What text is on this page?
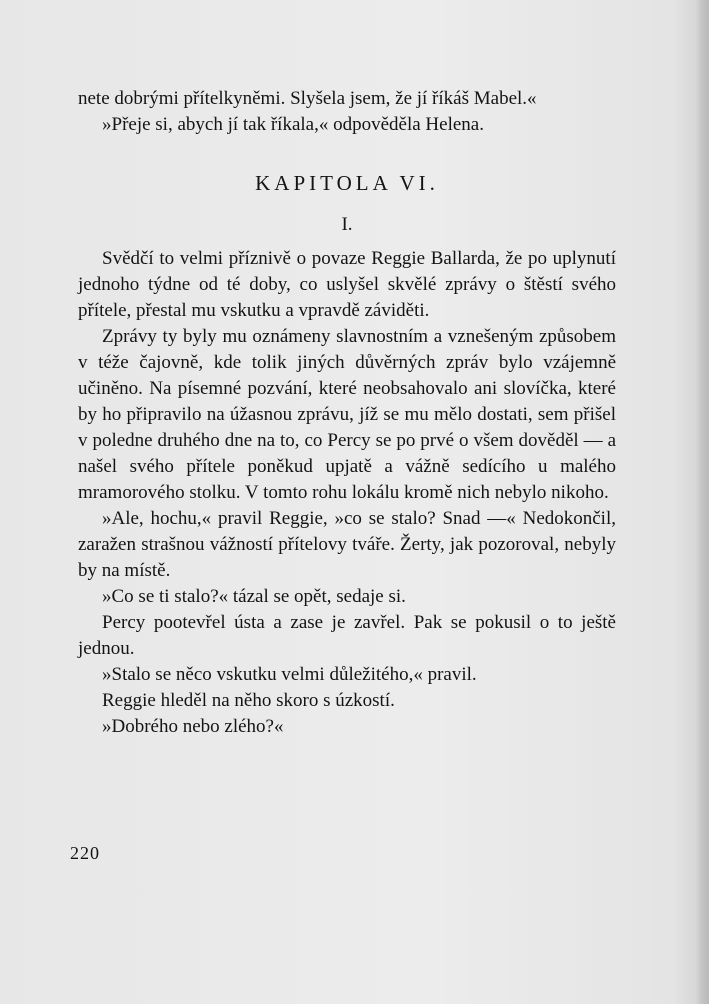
nete dobrými přítelkyněmi. Slyšela jsem, že jí říkáš Mabel.«

»Přeje si, abych jí tak říkala,« odpověděla Helena.

KAPITOLA VI.
I.

Svědčí to velmi příznivě o povaze Reggie Ballarda, že po uplynutí jednoho týdne od té doby, co uslyšel skvělé zprávy o štěstí svého přítele, přestal mu vskutku a vpravdě záviděti.

Zprávy ty byly mu oznámeny slavnostním a vznešeným způsobem v téže čajovně, kde tolik jiných důvěrných zpráv bylo vzájemně učiněno. Na písemné pozvání, které neobsahovalo ani slovíčka, které by ho připravilo na úžasnou zprávu, jíž se mu mělo dostati, sem přišel v poledne druhého dne na to, co Percy se po prvé o všem dověděl — a našel svého přítele poněkud upjatě a vážně sedícího u malého mramorového stolku. V tomto rohu lokálu kromě nich nebylo nikoho.

»Ale, hochu,« pravil Reggie, »co se stalo? Snad —« Nedokončil, zaražen strašnou vážností přítelovy tváře. Žerty, jak pozoroval, nebyly by na místě.

»Co se ti stalo?« tázal se opět, sedaje si.

Percy pootevřel ústa a zase je zavřel. Pak se pokusil o to ještě jednou.

»Stalo se něco vskutku velmi důležitého,« pravil.

Reggie hleděl na něho skoro s úzkostí.

»Dobrého nebo zlého?«

220
